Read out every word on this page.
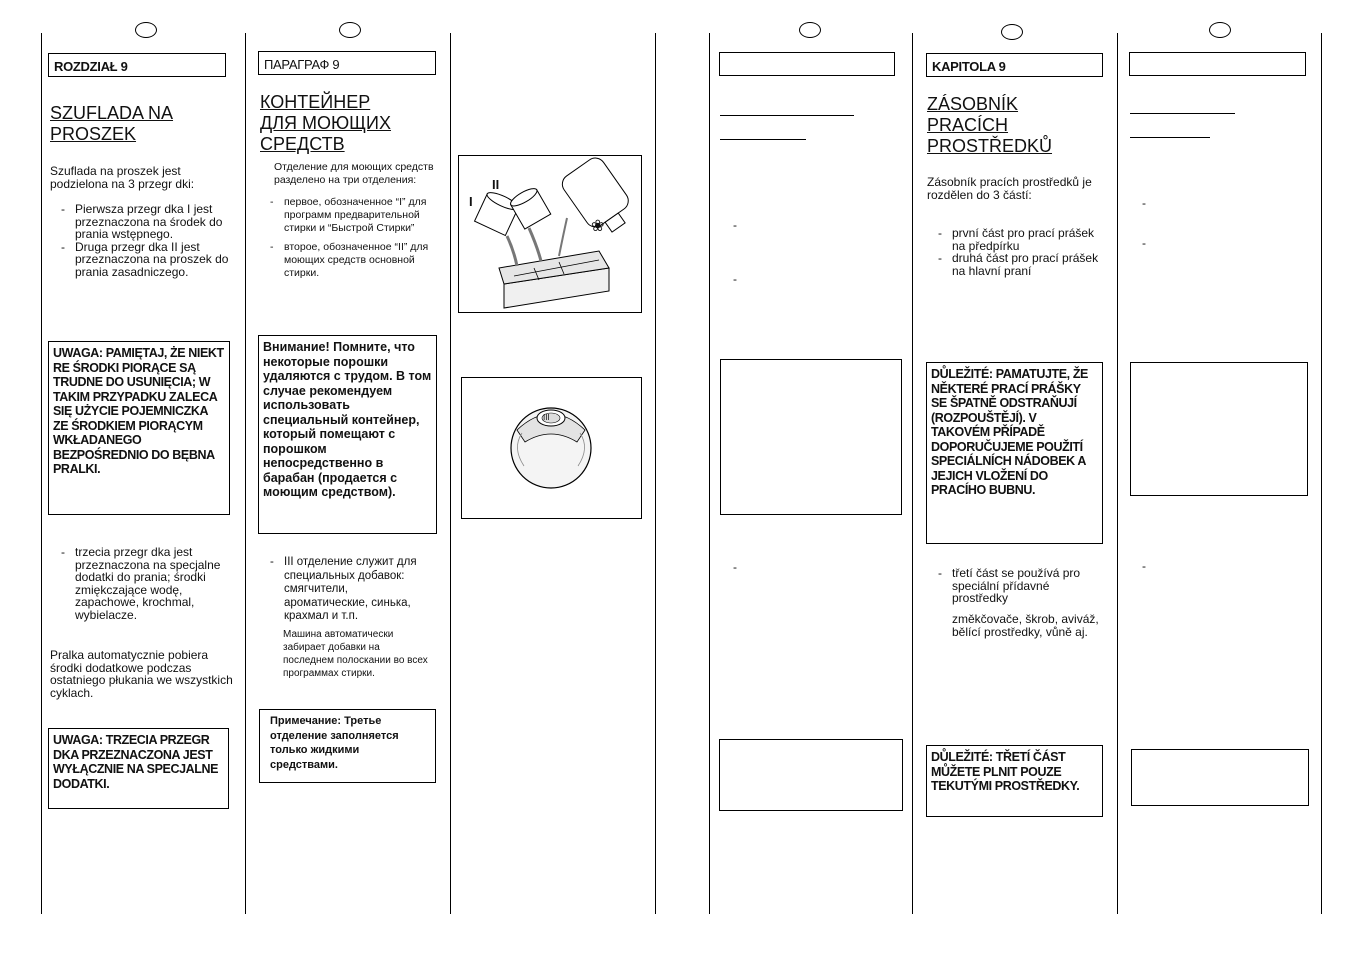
ROZDZIAŁ 9
SZUFLADA NA PROSZEK
Szuflada na proszek jest podzielona na 3 przegr dki:
- Pierwsza przegr dka I jest przeznaczona na środek do prania wstępnego.
- Druga przegr dka II jest przeznaczona na proszek do prania zasadniczego.
UWAGA: PAMIĘTAJ, ŻE NIEKT RE ŚRODKI PIORĄCE SĄ TRUDNE DO USUNIĘCIA; W TAKIM PRZYPADKU ZALECA SIĘ UŻYCIE POJEMNICZKA ZE ŚRODKIEM PIORĄCYM WKŁADANEGO BEZPOŚREDNIO DO BĘBNA PRALKI.
- trzecia przegr dka jest przeznaczona na specjalne dodatki do prania; środki zmiękczające wodę, zapachowe, krochmal, wybielacze.
Pralka automatycznie pobiera środki dodatkowe podczas ostatniego płukania we wszystkich cyklach.
UWAGA: TRZECIA PRZEGR DKA PRZEZNACZONA JEST WYŁĄCZNIE NA SPECJALNE DODATKI.
ПАРАГРАФ 9
КОНТЕЙНЕР ДЛЯ МОЮЩИХ СРЕДСТВ
Отделение для моющих средств разделено на три отделения:
- первое, обозначенное “I” для программ предварительной стирки и “Быстрой Стирки”
- второе, обозначенное “II” для моющих средств основной стирки.
Внимание! Помните, что некоторые порошки удаляются с трудом. В том случае рекомендуем использовать специальный контейнер, который помещают с порошком непосредственно в барабан (продается с моющим средством).
- III отделение служит для специальных добавок: смягчители, ароматические, синька, крахмал и т.п.
Машина автоматически забирает добавки на последнем полоскании во всех программах стирки.
Примечание: Третье отделение заполняется только жидкими средствами.
I
II
❀
III
-
-
-
KAPITOLA 9
ZÁSOBNÍK PRACÍCH PROSTŘEDKŮ
Zásobník pracích prostředků je rozdělen do 3 částí:
- první část pro prací prášek na předpírku
- druhá část pro prací prášek na hlavní praní
DŮLEŽITÉ: PAMATUJTE, ŽE NĚKTERÉ PRACÍ PRÁŠKY SE ŠPATNĚ ODSTRAŇUJÍ (ROZPOUŠTĚJÍ). V TAKOVÉM PŘÍPADĚ DOPORUČUJEME POUŽITÍ SPECIÁLNÍCH NÁDOBEK A JEJICH VLOŽENÍ DO PRACÍHO BUBNU.
- třetí část se používá pro speciální přídavné prostředky
změkčovače, škrob, aviváž, bělící prostředky, vůně aj.
DŮLEŽITÉ: TŘETÍ ČÁST MŮŽETE PLNIT POUZE TEKUTÝMI PROSTŘEDKY.
-
-
-
